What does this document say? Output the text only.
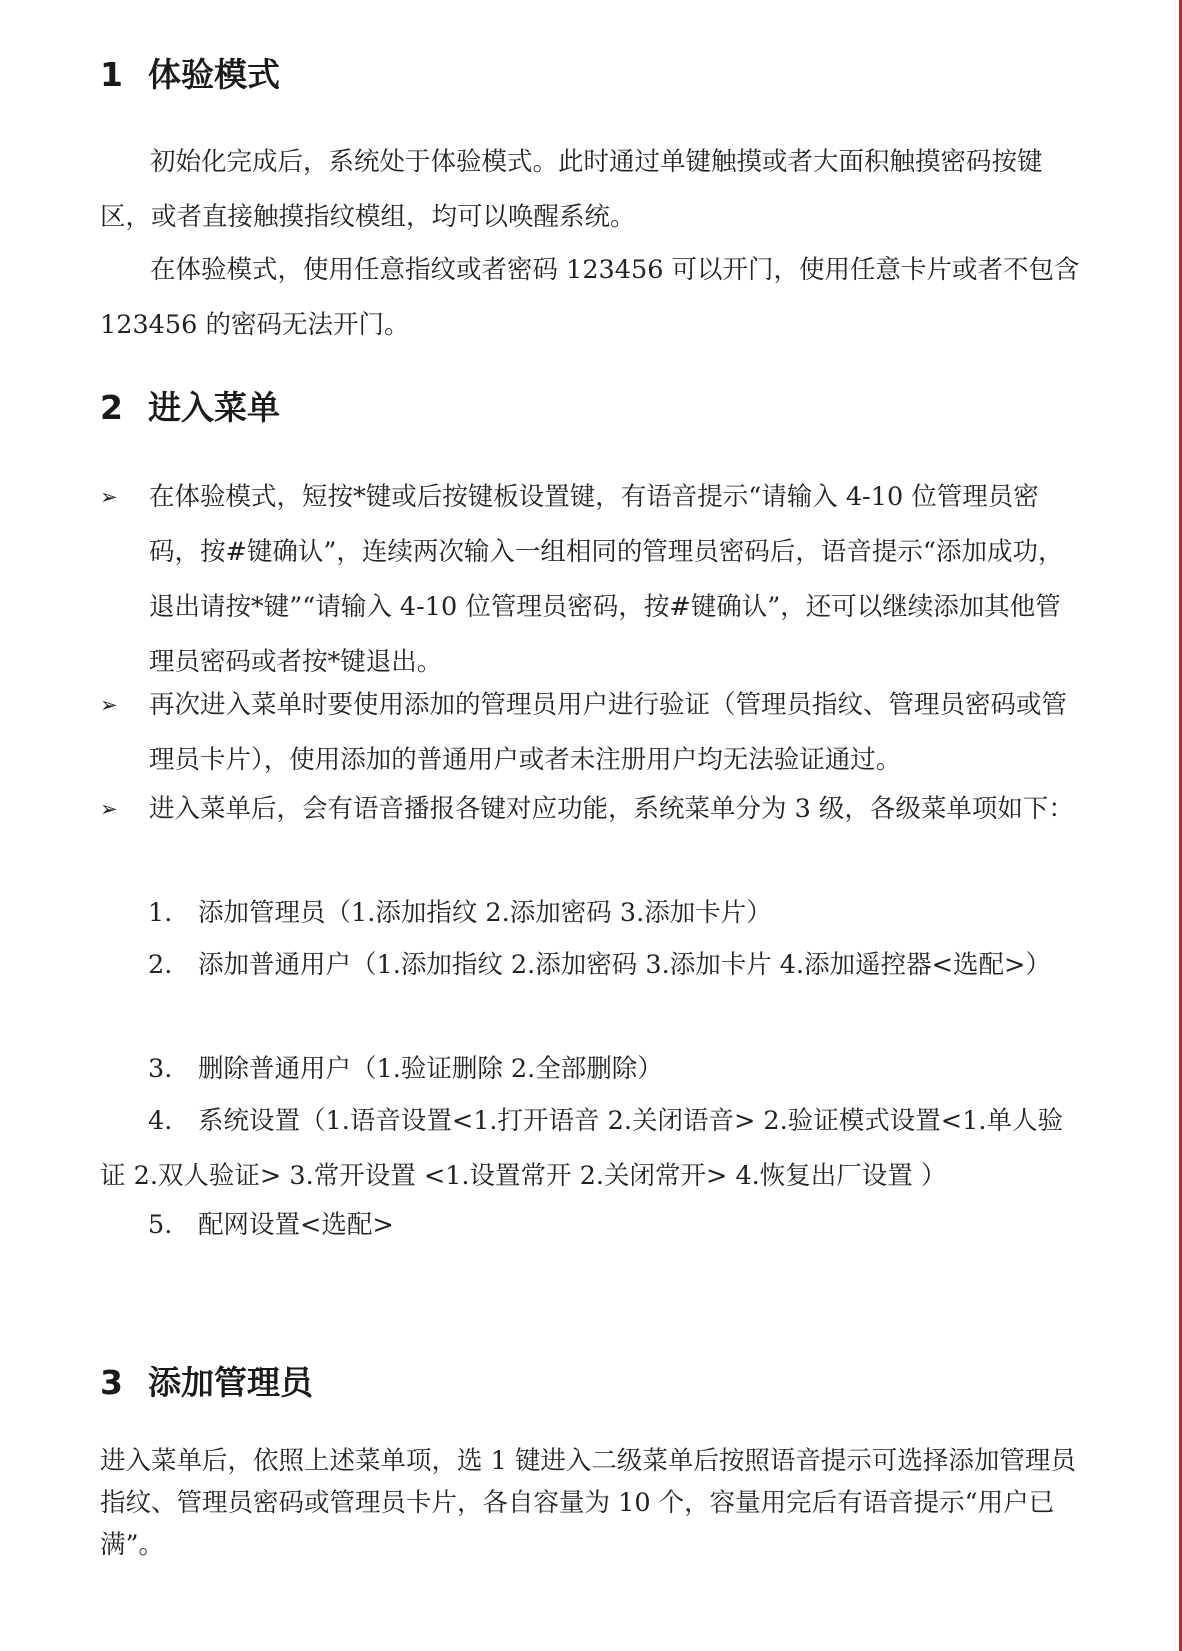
1 体验模式

初始化完成后，系统处于体验模式。此时通过单键触摸或者大面积触摸密码按键区，或者直接触摸指纹模组，均可以唤醒系统。

在体验模式，使用任意指纹或者密码 123456 可以开门，使用任意卡片或者不包含 123456 的密码无法开门。

2 进入菜单
➢	在体验模式，短按*键或后按键板设置键，有语音提示“请输入 4-10 位管理员密码，按#键确认”，连续两次输入一组相同的管理员密码后，语音提示“添加成功，退出请按*键”“请输入 4-10 位管理员密码，按#键确认”，还可以继续添加其他管理员密码或者按*键退出。
➢	再次进入菜单时要使用添加的管理员用户进行验证（管理员指纹、管理员密码或管理员卡片），使用添加的普通用户或者未注册用户均无法验证通过。
➢	进入菜单后，会有语音播报各键对应功能，系统菜单分为 3 级，各级菜单项如下：
1. 添加管理员（1.添加指纹 2.添加密码 3.添加卡片）
2. 添加普通用户（1.添加指纹 2.添加密码 3.添加卡片 4.添加遥控器<选配>）
3. 删除普通用户（1.验证删除 2.全部删除）
4. 系统设置（1.语音设置<1.打开语音 2.关闭语音> 2.验证模式设置<1.单人验证 2.双人验证> 3.常开设置 <1.设置常开 2.关闭常开> 4.恢复出厂设置 ）
5. 配网设置<选配>
3 添加管理员

进入菜单后，依照上述菜单项，选 1 键进入二级菜单后按照语音提示可选择添加管理员指纹、管理员密码或管理员卡片，各自容量为 10 个，容量用完后有语音提示“用户已满”。
